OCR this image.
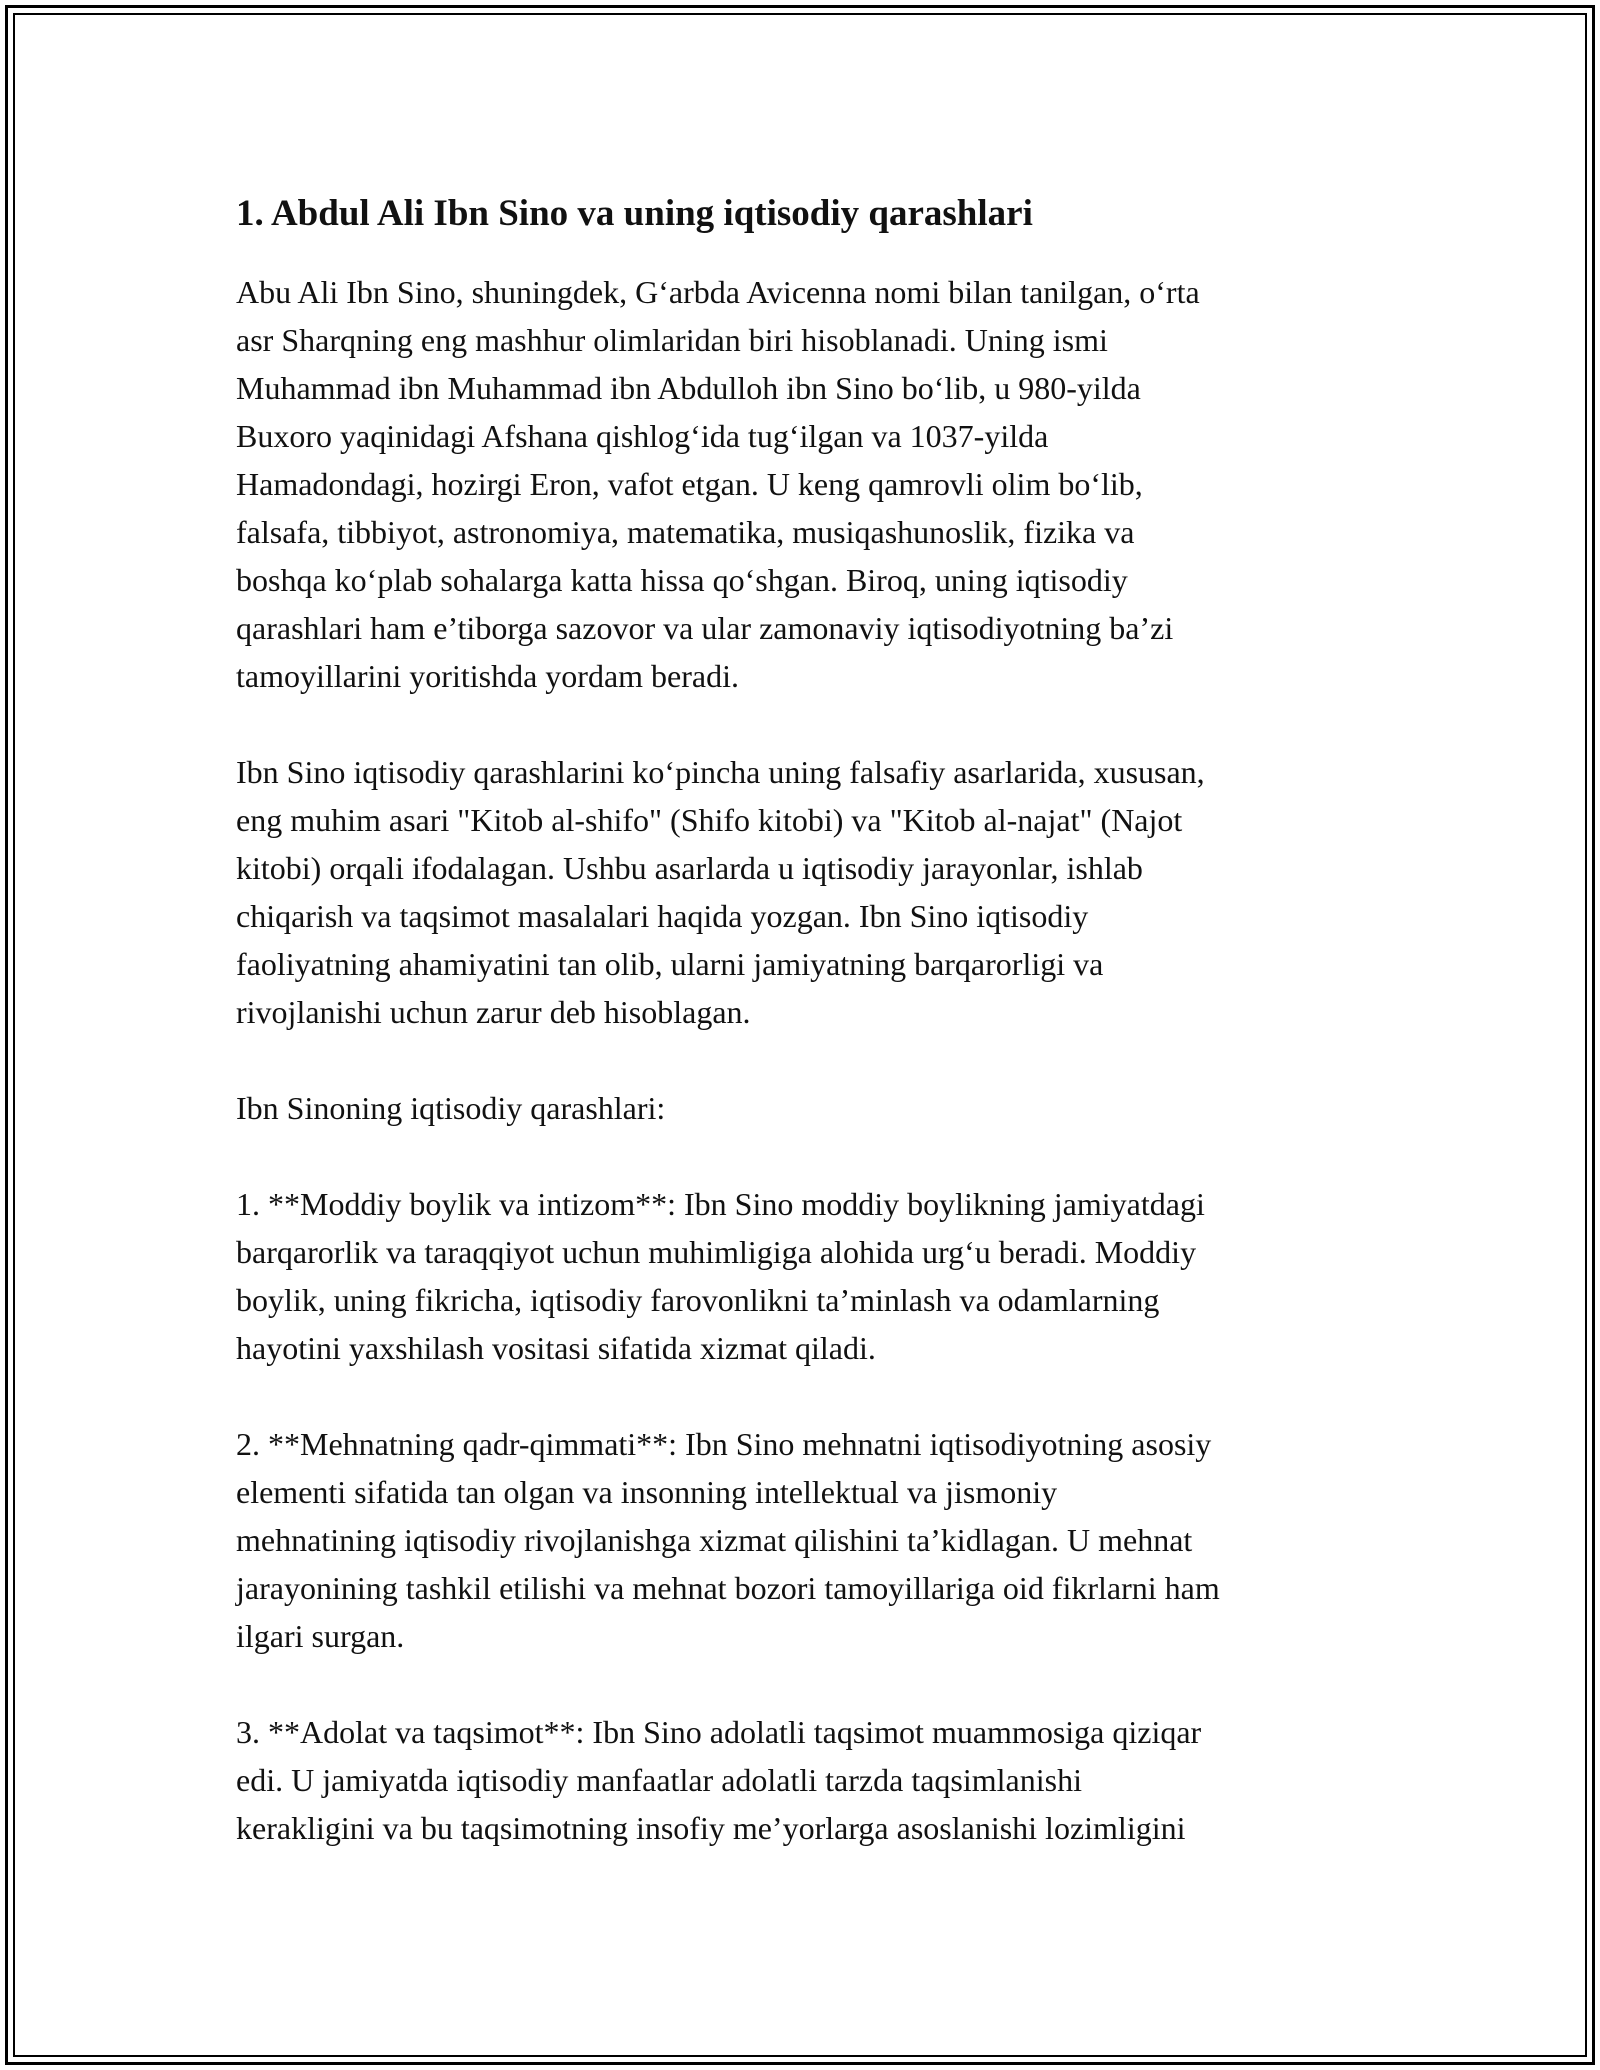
1. Abdul Ali Ibn Sino va uning iqtisodiy qarashlari

Abu Ali Ibn Sino, shuningdek, G‘arbda Avicenna nomi bilan tanilgan, o‘rta
asr Sharqning eng mashhur olimlaridan biri hisoblanadi. Uning ismi
Muhammad ibn Muhammad ibn Abdulloh ibn Sino bo‘lib, u 980-yilda
Buxoro yaqinidagi Afshana qishlog‘ida tug‘ilgan va 1037-yilda
Hamadondagi, hozirgi Eron, vafot etgan. U keng qamrovli olim bo‘lib,
falsafa, tibbiyot, astronomiya, matematika, musiqashunoslik, fizika va
boshqa ko‘plab sohalarga katta hissa qo‘shgan. Biroq, uning iqtisodiy
qarashlari ham e’tiborga sazovor va ular zamonaviy iqtisodiyotning ba’zi
tamoyillarini yoritishda yordam beradi.

Ibn Sino iqtisodiy qarashlarini ko‘pincha uning falsafiy asarlarida, xususan,
eng muhim asari "Kitob al-shifo" (Shifo kitobi) va "Kitob al-najat" (Najot
kitobi) orqali ifodalagan. Ushbu asarlarda u iqtisodiy jarayonlar, ishlab
chiqarish va taqsimot masalalari haqida yozgan. Ibn Sino iqtisodiy
faoliyatning ahamiyatini tan olib, ularni jamiyatning barqarorligi va
rivojlanishi uchun zarur deb hisoblagan.

Ibn Sinoning iqtisodiy qarashlari:

1. **Moddiy boylik va intizom**: Ibn Sino moddiy boylikning jamiyatdagi
barqarorlik va taraqqiyot uchun muhimligiga alohida urg‘u beradi. Moddiy
boylik, uning fikricha, iqtisodiy farovonlikni ta’minlash va odamlarning
hayotini yaxshilash vositasi sifatida xizmat qiladi.

2. **Mehnatning qadr-qimmati**: Ibn Sino mehnatni iqtisodiyotning asosiy
elementi sifatida tan olgan va insonning intellektual va jismoniy
mehnatining iqtisodiy rivojlanishga xizmat qilishini ta’kidlagan. U mehnat
jarayonining tashkil etilishi va mehnat bozori tamoyillariga oid fikrlarni ham
ilgari surgan.

3. **Adolat va taqsimot**: Ibn Sino adolatli taqsimot muammosiga qiziqar
edi. U jamiyatda iqtisodiy manfaatlar adolatli tarzda taqsimlanishi
kerakligini va bu taqsimotning insofiy me’yorlarga asoslanishi lozimligini
